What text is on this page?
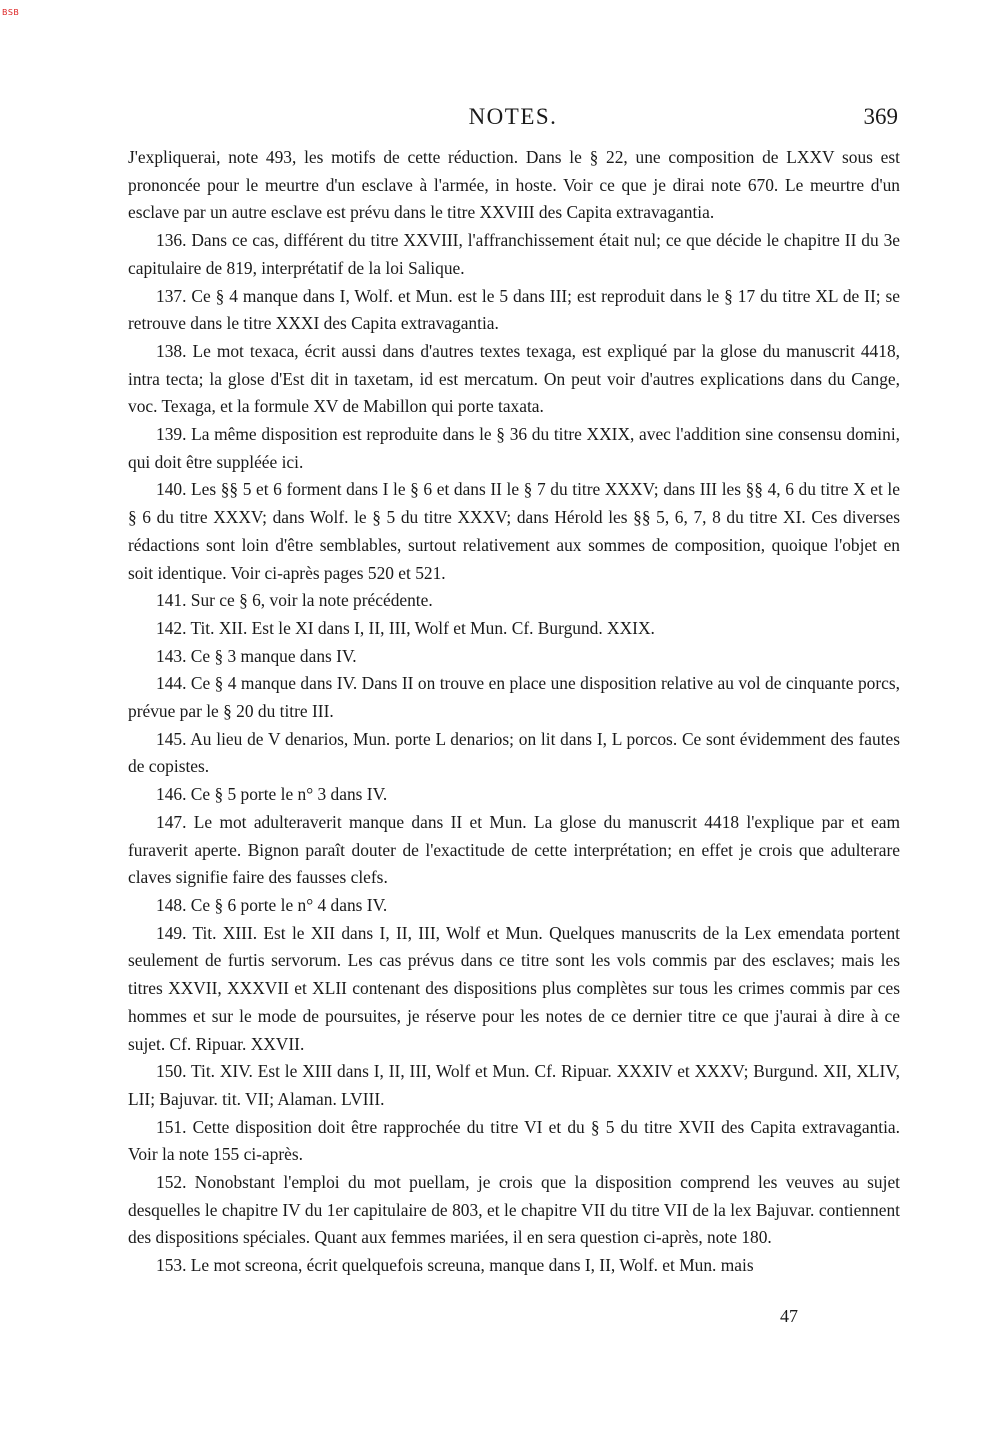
BSB
NOTES.	369

J'expliquerai, note 493, les motifs de cette réduction. Dans le § 22, une composition de LXXV sous est prononcée pour le meurtre d'un esclave à l'armée, in hoste. Voir ce que je dirai note 670. Le meurtre d'un esclave par un autre esclave est prévu dans le titre XXVIII des Capita extravagantia.

136. Dans ce cas, différent du titre XXVIII, l'affranchissement était nul; ce que décide le chapitre II du 3e capitulaire de 819, interprétatif de la loi Salique.

137. Ce § 4 manque dans I, Wolf. et Mun. est le 5 dans III; est reproduit dans le § 17 du titre XL de II; se retrouve dans le titre XXXI des Capita extravagantia.

138. Le mot texaca, écrit aussi dans d'autres textes texaga, est expliqué par la glose du manuscrit 4418, intra tecta; la glose d'Est dit in taxetam, id est mercatum. On peut voir d'autres explications dans du Cange, voc. Texaga, et la formule XV de Mabillon qui porte taxata.

139. La même disposition est reproduite dans le § 36 du titre XXIX, avec l'addition sine consensu domini, qui doit être suppléée ici.

140. Les §§ 5 et 6 forment dans I le § 6 et dans II le § 7 du titre XXXV; dans III les §§ 4, 6 du titre X et le § 6 du titre XXXV; dans Wolf. le § 5 du titre XXXV; dans Hérold les §§ 5, 6, 7, 8 du titre XI. Ces diverses rédactions sont loin d'être semblables, surtout relativement aux sommes de composition, quoique l'objet en soit identique. Voir ci-après pages 520 et 521.

141. Sur ce § 6, voir la note précédente.

142. Tit. XII. Est le XI dans I, II, III, Wolf et Mun. Cf. Burgund. XXIX.

143. Ce § 3 manque dans IV.

144. Ce § 4 manque dans IV. Dans II on trouve en place une disposition relative au vol de cinquante porcs, prévue par le § 20 du titre III.

145. Au lieu de V denarios, Mun. porte L denarios; on lit dans I, L porcos. Ce sont évidemment des fautes de copistes.

146. Ce § 5 porte le n° 3 dans IV.

147. Le mot adulteraverit manque dans II et Mun. La glose du manuscrit 4418 l'explique par et eam furaverit aperte. Bignon paraît douter de l'exactitude de cette interprétation; en effet je crois que adulterare claves signifie faire des fausses clefs.

148. Ce § 6 porte le n° 4 dans IV.

149. Tit. XIII. Est le XII dans I, II, III, Wolf et Mun. Quelques manuscrits de la Lex emendata portent seulement de furtis servorum. Les cas prévus dans ce titre sont les vols commis par des esclaves; mais les titres XXVII, XXXVII et XLII contenant des dispositions plus complètes sur tous les crimes commis par ces hommes et sur le mode de poursuites, je réserve pour les notes de ce dernier titre ce que j'aurai à dire à ce sujet. Cf. Ripuar. XXVII.

150. Tit. XIV. Est le XIII dans I, II, III, Wolf et Mun. Cf. Ripuar. XXXIV et XXXV; Burgund. XII, XLIV, LII; Bajuvar. tit. VII; Alaman. LVIII.

151. Cette disposition doit être rapprochée du titre VI et du § 5 du titre XVII des Capita extravagantia. Voir la note 155 ci-après.

152. Nonobstant l'emploi du mot puellam, je crois que la disposition comprend les veuves au sujet desquelles le chapitre IV du 1er capitulaire de 803, et le chapitre VII du titre VII de la lex Bajuvar. contiennent des dispositions spéciales. Quant aux femmes mariées, il en sera question ci-après, note 180.

153. Le mot screona, écrit quelquefois screuna, manque dans I, II, Wolf. et Mun. mais

47
